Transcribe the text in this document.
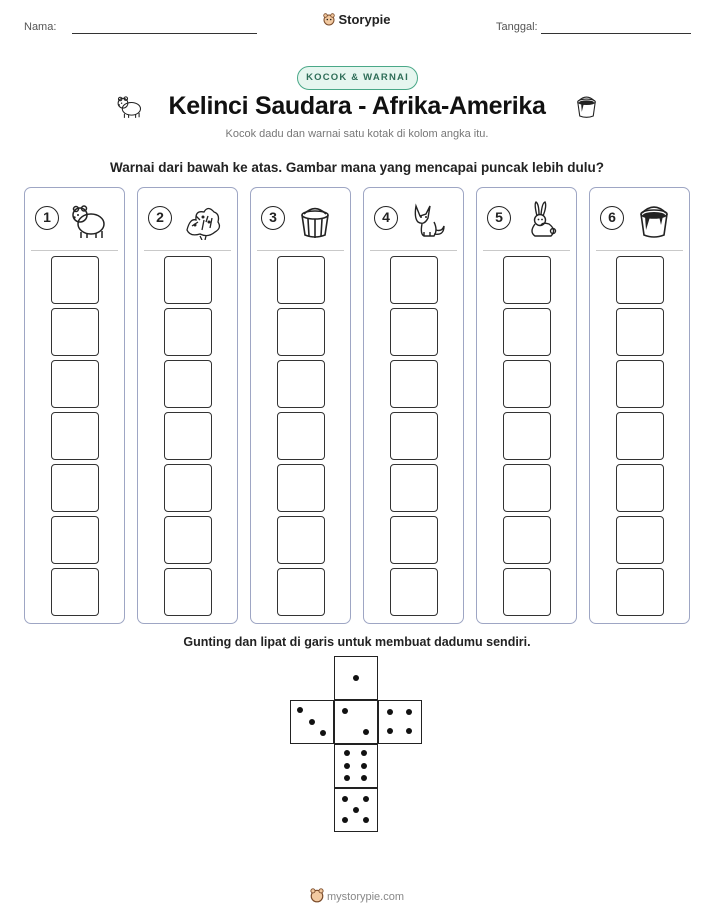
Nama:	Storypie	Tanggal:
KOCOK & WARNAI
Kelinci Saudara - Afrika-Amerika
Kocok dadu dan warnai satu kotak di kolom angka itu.
Warnai dari bawah ke atas. Gambar mana yang mencapai puncak lebih dulu?
1	2	3	4	5	6
Gunting dan lipat di garis untuk membuat dadumu sendiri.
mystorypie.com
